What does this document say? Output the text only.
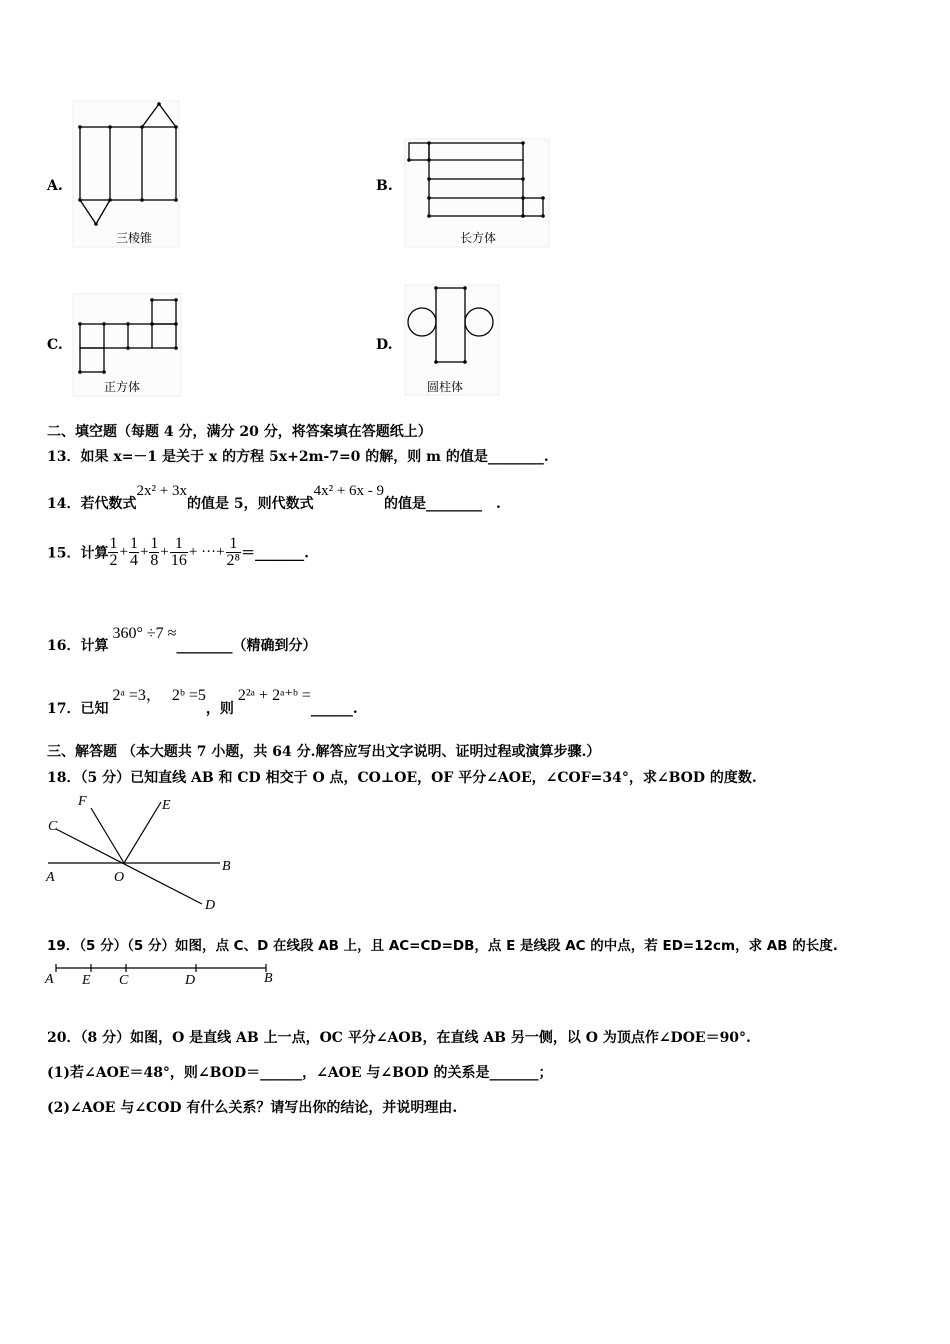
A.
三棱锥
B.
长方体
C.
正方体
D.
圆柱体
二、填空题（每题 4 分，满分 20 分，将答案填在答题纸上）
13．如果 x=－1 是关于 x 的方程 5x+2m-7=0 的解，则 m 的值是________.
14．若代数式2x² + 3x的值是 5，则代数式4x² + 6x - 9的值是________　.
15．计算 $\frac{1}{2} + \frac{1}{4} + \frac{1}{8} + \frac{1}{16}$ + ···+ $\frac{1}{\text{2⁸}}$ ＝_______.
16．计算360° ÷7 ≈________（精确到分）
17．已知2ᵃ =3， 2ᵇ =5，则2²ᵃ + 2ᵃ⁺ᵇ =______.
三、解答题 （本大题共 7 小题，共 64 分.解答应写出文字说明、证明过程或演算步骤.）
18．（5 分）已知直线 AB 和 CD 相交于 O 点，CO⊥OE，OF 平分∠AOE，∠COF=34°，求∠BOD 的度数.
F	E
C
A	O
B
D
19．（5 分）（5 分）如图，点 C、D 在线段 AB 上，且 AC=CD=DB，点 E 是线段 AC 的中点，若 ED=12cm，求 AB 的长度.
A E C	D	B
20．（8 分）如图，O 是直线 AB 上一点，OC 平分∠AOB，在直线 AB 另一侧，以 O 为顶点作∠DOE＝90°.
(1)若∠AOE＝48°，则∠BOD＝______，∠AOE 与∠BOD 的关系是_______；
(2)∠AOE 与∠COD 有什么关系？请写出你的结论，并说明理由.
